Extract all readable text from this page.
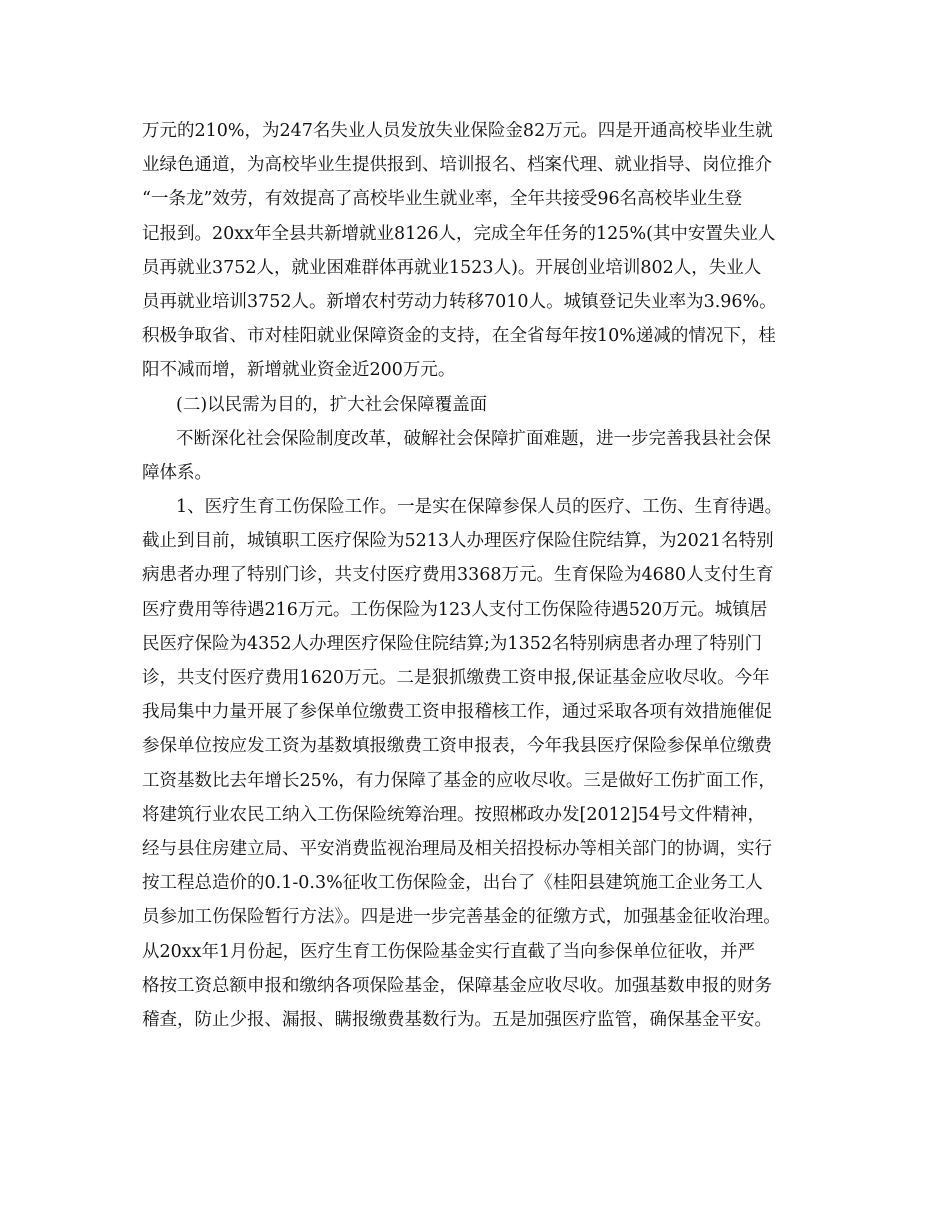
万元的210%，为247名失业人员发放失业保险金82万元。四是开通高校毕业生就
业绿色通道，为高校毕业生提供报到、培训报名、档案代理、就业指导、岗位推介
“一条龙”效劳，有效提高了高校毕业生就业率，全年共接受96名高校毕业生登
记报到。20xx年全县共新增就业8126人，完成全年任务的125%(其中安置失业人
员再就业3752人，就业困难群体再就业1523人)。开展创业培训802人，失业人
员再就业培训3752人。新增农村劳动力转移7010人。城镇登记失业率为3.96%。
积极争取省、市对桂阳就业保障资金的支持，在全省每年按10%递减的情况下，桂
阳不减而增，新增就业资金近200万元。
(二)以民需为目的，扩大社会保障覆盖面
不断深化社会保险制度改革，破解社会保障扩面难题，进一步完善我县社会保
障体系。
1、医疗生育工伤保险工作。一是实在保障参保人员的医疗、工伤、生育待遇。
截止到目前，城镇职工医疗保险为5213人办理医疗保险住院结算，为2021名特别
病患者办理了特别门诊，共支付医疗费用3368万元。生育保险为4680人支付生育
医疗费用等待遇216万元。工伤保险为123人支付工伤保险待遇520万元。城镇居
民医疗保险为4352人办理医疗保险住院结算;为1352名特别病患者办理了特别门
诊，共支付医疗费用1620万元。二是狠抓缴费工资申报,保证基金应收尽收。今年
我局集中力量开展了参保单位缴费工资申报稽核工作，通过采取各项有效措施催促
参保单位按应发工资为基数填报缴费工资申报表，今年我县医疗保险参保单位缴费
工资基数比去年增长25%，有力保障了基金的应收尽收。三是做好工伤扩面工作，
将建筑行业农民工纳入工伤保险统筹治理。按照郴政办发[2012]54号文件精神，
经与县住房建立局、平安消费监视治理局及相关招投标办等相关部门的协调，实行
按工程总造价的0.1-0.3%征收工伤保险金，出台了《桂阳县建筑施工企业务工人
员参加工伤保险暂行方法》。四是进一步完善基金的征缴方式，加强基金征收治理。
从20xx年1月份起，医疗生育工伤保险基金实行直截了当向参保单位征收，并严
格按工资总额申报和缴纳各项保险基金，保障基金应收尽收。加强基数申报的财务
稽查，防止少报、漏报、瞒报缴费基数行为。五是加强医疗监管，确保基金平安。
